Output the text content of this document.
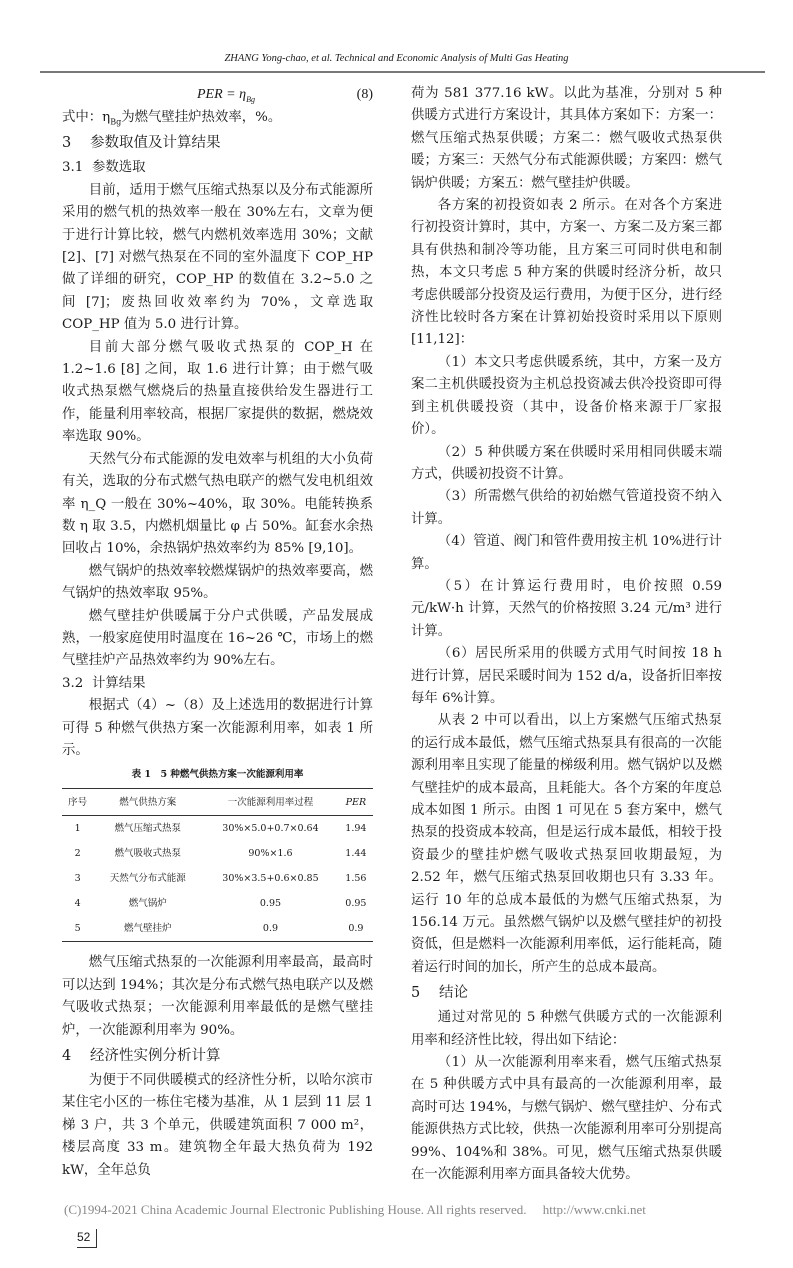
ZHANG Yong-chao, et al. Technical and Economic Analysis of Multi Gas Heating
PER = $\eta_{Bg}$	(8)

式中：$\eta_{Bg}$为燃气壁挂炉热效率，%。

3 参数取值及计算结果
3.1 参数选取

目前，适用于燃气压缩式热泵以及分布式能源所采用的燃气机的热效率一般在 30%左右，文章为便于进行计算比较，燃气内燃机效率选用 30%；文献 [2]、[7] 对燃气热泵在不同的室外温度下 COP_HP 做了详细的研究，COP_HP 的数值在 3.2~5.0 之间 [7]；废热回收效率约为 70%，文章选取 COP_HP 值为 5.0 进行计算。

目前大部分燃气吸收式热泵的 COP_H 在 1.2~1.6 [8] 之间，取 1.6 进行计算；由于燃气吸收式热泵燃气燃烧后的热量直接供给发生器进行工作，能量利用率较高，根据厂家提供的数据，燃烧效率选取 90%。

天然气分布式能源的发电效率与机组的大小负荷有关，选取的分布式燃气热电联产的燃气发电机组效率 η_Q 一般在 30%~40%，取 30%。电能转换系数 η 取 3.5，内燃机烟量比 φ 占 50%。缸套水余热回收占 10%，余热锅炉热效率约为 85% [9,10]。

燃气锅炉的热效率较燃煤锅炉的热效率要高，燃气锅炉的热效率取 95%。

燃气壁挂炉供暖属于分户式供暖，产品发展成熟，一般家庭使用时温度在 16~26 ℃，市场上的燃气壁挂炉产品热效率约为 90%左右。

3.2 计算结果

根据式（4）~（8）及上述选用的数据进行计算可得 5 种燃气供热方案一次能源利用率，如表 1 所示。

表 1　5 种燃气供热方案一次能源利用率
序号	燃气供热方案	一次能源利用率过程	PER
1	燃气压缩式热泵	30%×5.0+0.7×0.64	1.94
2	燃气吸收式热泵	90%×1.6	1.44
3	天然气分布式能源	30%×3.5+0.6×0.85	1.56
4	燃气锅炉	0.95	0.95
5	燃气壁挂炉	0.9	0.9

燃气压缩式热泵的一次能源利用率最高，最高时可以达到 194%；其次是分布式燃气热电联产以及燃气吸收式热泵；一次能源利用率最低的是燃气壁挂炉，一次能源利用率为 90%。

4 经济性实例分析计算

为便于不同供暖模式的经济性分析，以哈尔滨市某住宅小区的一栋住宅楼为基准，从 1 层到 11 层 1 梯 3 户，共 3 个单元，供暖建筑面积 7 000 m²，楼层高度 33 m。建筑物全年最大热负荷为 192 kW，全年总负

荷为 581 377.16 kW。以此为基准，分别对 5 种供暖方式进行方案设计，其具体方案如下：方案一：燃气压缩式热泵供暖；方案二：燃气吸收式热泵供暖；方案三：天然气分布式能源供暖；方案四：燃气锅炉供暖；方案五：燃气壁挂炉供暖。

各方案的初投资如表 2 所示。在对各个方案进行初投资计算时，其中，方案一、方案二及方案三都具有供热和制冷等功能，且方案三可同时供电和制热，本文只考虑 5 种方案的供暖时经济分析，故只考虑供暖部分投资及运行费用，为便于区分，进行经济性比较时各方案在计算初始投资时采用以下原则 [11,12]：

（1）本文只考虑供暖系统，其中，方案一及方案二主机供暖投资为主机总投资减去供冷投资即可得到主机供暖投资（其中，设备价格来源于厂家报价）。

（2）5 种供暖方案在供暖时采用相同供暖末端方式，供暖初投资不计算。

（3）所需燃气供给的初始燃气管道投资不纳入计算。

（4）管道、阀门和管件费用按主机 10%进行计算。

（5）在计算运行费用时，电价按照 0.59 元/kW·h 计算，天然气的价格按照 3.24 元/m³ 进行计算。

（6）居民所采用的供暖方式用气时间按 18 h 进行计算，居民采暖时间为 152 d/a，设备折旧率按每年 6%计算。

从表 2 中可以看出，以上方案燃气压缩式热泵的运行成本最低，燃气压缩式热泵具有很高的一次能源利用率且实现了能量的梯级利用。燃气锅炉以及燃气壁挂炉的成本最高，且耗能大。各个方案的年度总成本如图 1 所示。由图 1 可见在 5 套方案中，燃气热泵的投资成本较高，但是运行成本最低，相较于投资最少的壁挂炉燃气吸收式热泵回收期最短，为 2.52 年，燃气压缩式热泵回收期也只有 3.33 年。运行 10 年的总成本最低的为燃气压缩式热泵，为 156.14 万元。虽然燃气锅炉以及燃气壁挂炉的初投资低，但是燃料一次能源利用率低，运行能耗高，随着运行时间的加长，所产生的总成本最高。

5 结论

通过对常见的 5 种燃气供暖方式的一次能源利用率和经济性比较，得出如下结论：

（1）从一次能源利用率来看，燃气压缩式热泵在 5 种供暖方式中具有最高的一次能源利用率，最高时可达 194%，与燃气锅炉、燃气壁挂炉、分布式能源供热方式比较，供热一次能源利用率可分别提高 99%、104%和 38%。可见，燃气压缩式热泵供暖在一次能源利用率方面具备较大优势。

(C)1994-2021 China Academic Journal Electronic Publishing House. All rights reserved.　 http://www.cnki.net
52
